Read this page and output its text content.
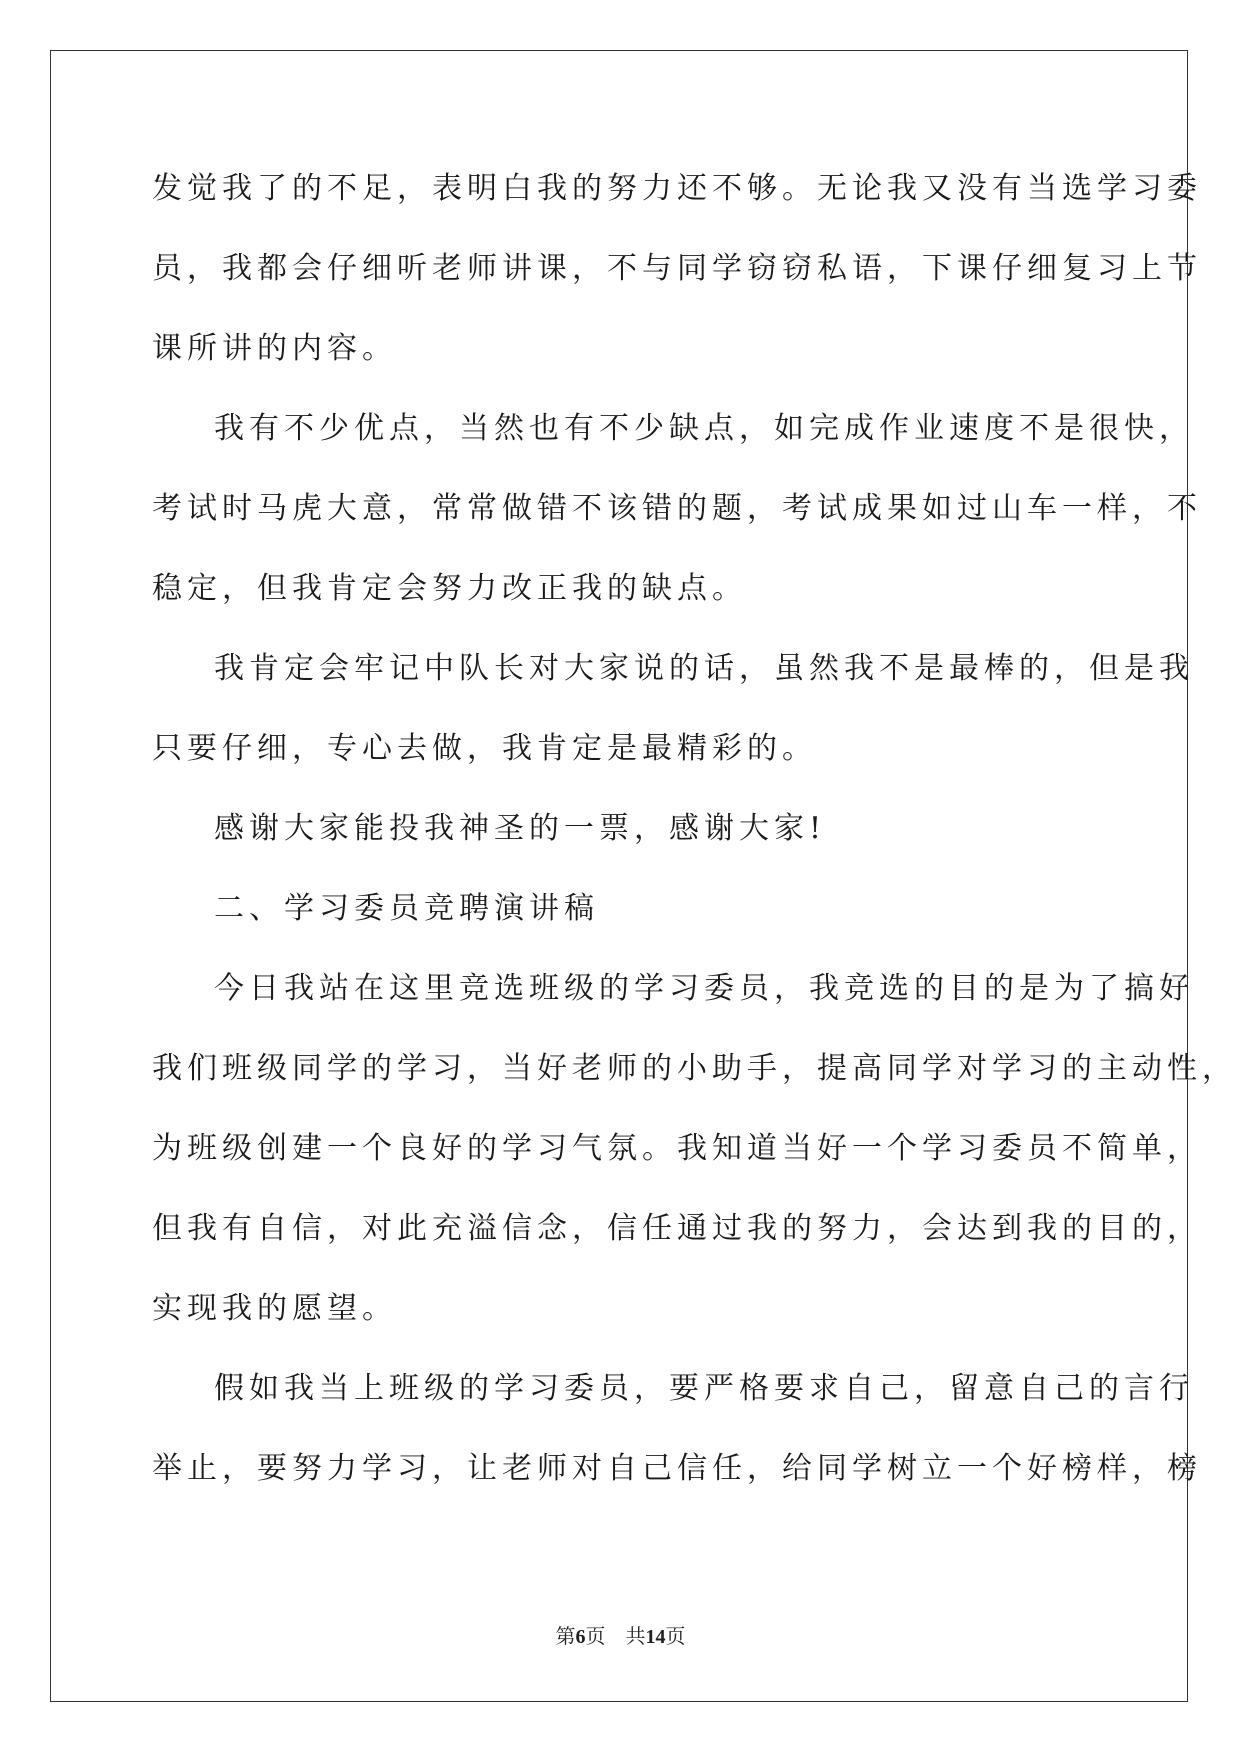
发觉我了的不足，表明白我的努力还不够。无论我又没有当选学习委
员，我都会仔细听老师讲课，不与同学窃窃私语，下课仔细复习上节
课所讲的内容。
我有不少优点，当然也有不少缺点，如完成作业速度不是很快，
考试时马虎大意，常常做错不该错的题，考试成果如过山车一样，不
稳定，但我肯定会努力改正我的缺点。
我肯定会牢记中队长对大家说的话，虽然我不是最棒的，但是我
只要仔细，专心去做，我肯定是最精彩的。
感谢大家能投我神圣的一票，感谢大家!
二、学习委员竞聘演讲稿
今日我站在这里竞选班级的学习委员，我竞选的目的是为了搞好
我们班级同学的学习，当好老师的小助手，提高同学对学习的主动性，
为班级创建一个良好的学习气氛。我知道当好一个学习委员不简单，
但我有自信，对此充溢信念，信任通过我的努力，会达到我的目的，
实现我的愿望。
假如我当上班级的学习委员，要严格要求自己，留意自己的言行
举止，要努力学习，让老师对自己信任，给同学树立一个好榜样，榜
第6页 共14页
